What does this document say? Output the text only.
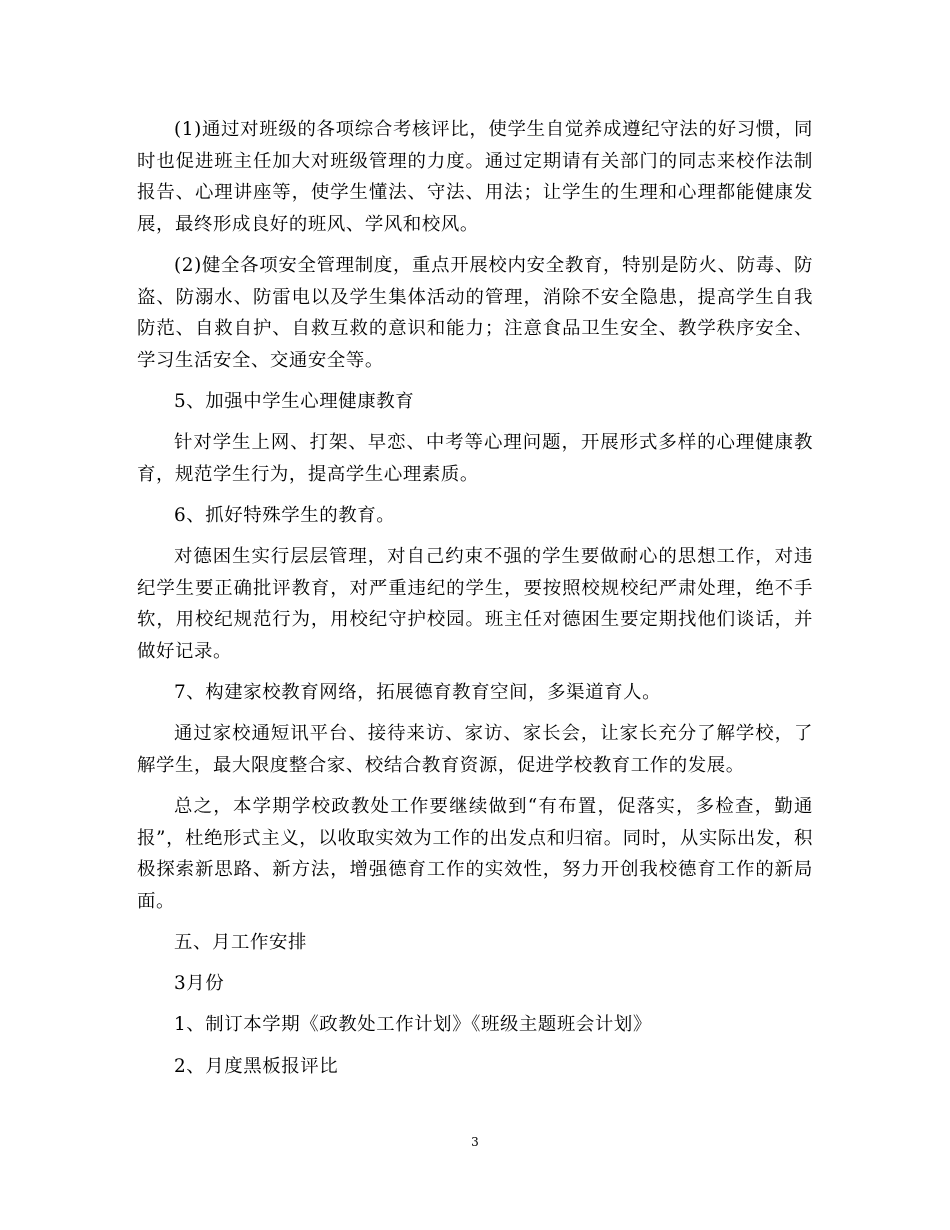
(1)通过对班级的各项综合考核评比，使学生自觉养成遵纪守法的好习惯，同时也促进班主任加大对班级管理的力度。通过定期请有关部门的同志来校作法制报告、心理讲座等，使学生懂法、守法、用法；让学生的生理和心理都能健康发展，最终形成良好的班风、学风和校风。

(2)健全各项安全管理制度，重点开展校内安全教育，特别是防火、防毒、防盗、防溺水、防雷电以及学生集体活动的管理，消除不安全隐患，提高学生自我防范、自救自护、自救互救的意识和能力；注意食品卫生安全、教学秩序安全、学习生活安全、交通安全等。

5、加强中学生心理健康教育

针对学生上网、打架、早恋、中考等心理问题，开展形式多样的心理健康教育，规范学生行为，提高学生心理素质。

6、抓好特殊学生的教育。

对德困生实行层层管理，对自己约束不强的学生要做耐心的思想工作，对违纪学生要正确批评教育，对严重违纪的学生，要按照校规校纪严肃处理，绝不手软，用校纪规范行为，用校纪守护校园。班主任对德困生要定期找他们谈话，并做好记录。

7、构建家校教育网络，拓展德育教育空间，多渠道育人。

通过家校通短讯平台、接待来访、家访、家长会，让家长充分了解学校，了解学生，最大限度整合家、校结合教育资源，促进学校教育工作的发展。

总之，本学期学校政教处工作要继续做到“有布置，促落实，多检查，勤通报”，杜绝形式主义，以收取实效为工作的出发点和归宿。同时，从实际出发，积极探索新思路、新方法，增强德育工作的实效性，努力开创我校德育工作的新局面。

五、月工作安排

3月份

1、制订本学期《政教处工作计划》《班级主题班会计划》

2、月度黑板报评比

3
